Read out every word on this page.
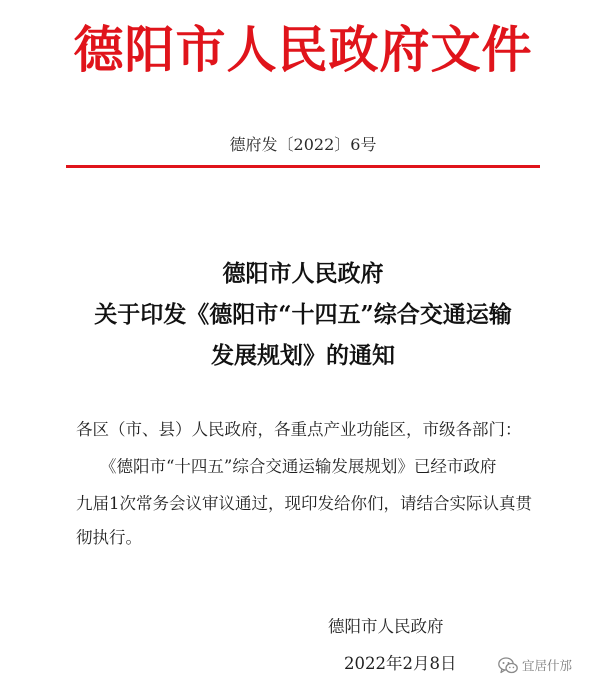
德阳市人民政府文件
德府发〔2022〕6号
德阳市人民政府
关于印发《德阳市“十四五”综合交通运输
发展规划》的通知
各区（市、县）人民政府，各重点产业功能区，市级各部门：
《德阳市“十四五”综合交通运输发展规划》已经市政府
九届1次常务会议审议通过，现印发给你们，请结合实际认真贯
彻执行。
德阳市人民政府
2022年2月8日	宜居什邡
